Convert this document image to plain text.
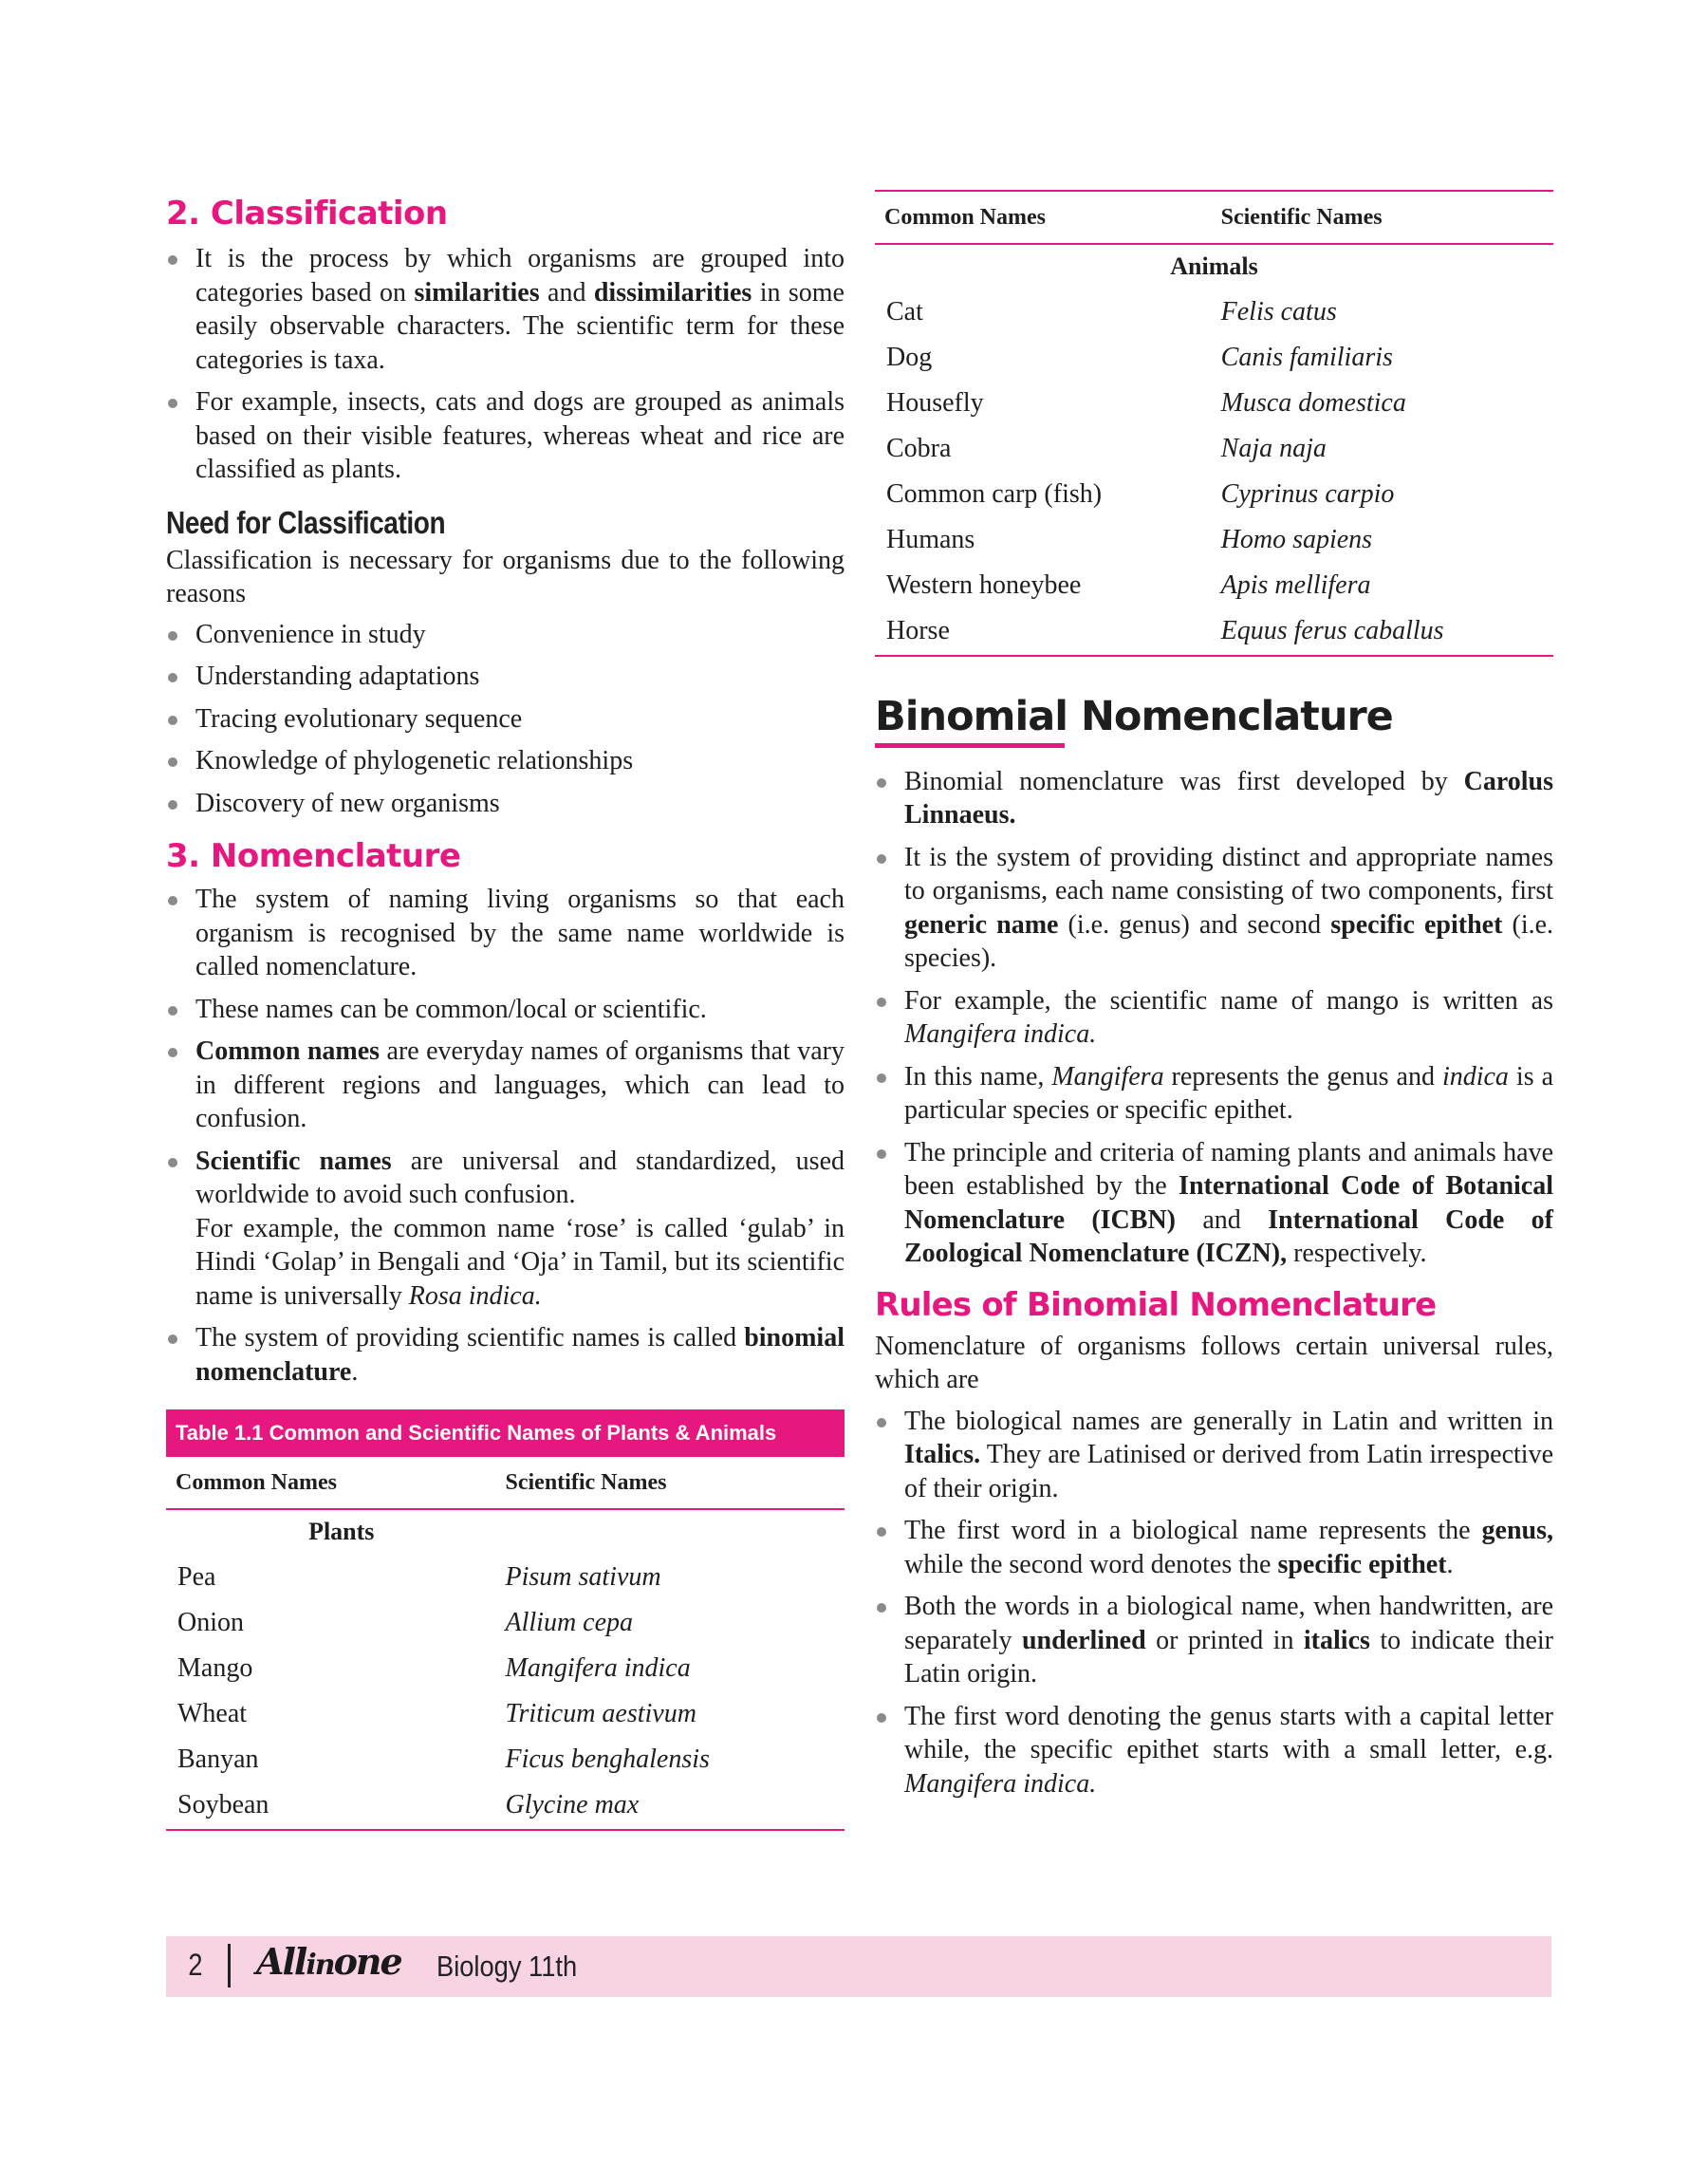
2. Classification
It is the process by which organisms are grouped into categories based on similarities and dissimilarities in some easily observable characters. The scientific term for these categories is taxa.
For example, insects, cats and dogs are grouped as animals based on their visible features, whereas wheat and rice are classified as plants.
Need for Classification

Classification is necessary for organisms due to the following reasons

Convenience in study
Understanding adaptations
Tracing evolutionary sequence
Knowledge of phylogenetic relationships
Discovery of new organisms
3. Nomenclature
The system of naming living organisms so that each organism is recognised by the same name worldwide is called nomenclature.
These names can be common/local or scientific.
Common names are everyday names of organisms that vary in different regions and languages, which can lead to confusion.
Scientific names are universal and standardized, used worldwide to avoid such confusion.
For example, the common name ‘rose’ is called ‘gulab’ in Hindi ‘Golap’ in Bengali and ‘Oja’ in Tamil, but its scientific name is universally Rosa indica.
The system of providing scientific names is called binomial nomenclature.
Table 1.1 Common and Scientific Names of Plants & Animals
Common Names	Scientific Names
Plants	
Pea	Pisum sativum
Onion	Allium cepa
Mango	Mangifera indica
Wheat	Triticum aestivum
Banyan	Ficus benghalensis
Soybean	Glycine max
Common Names	Scientific Names
Animals	
Cat	Felis catus
Dog	Canis familiaris
Housefly	Musca domestica
Cobra	Naja naja
Common carp (fish)	Cyprinus carpio
Humans	Homo sapiens
Western honeybee	Apis mellifera
Horse	Equus ferus caballus
Binomial Nomenclature
Binomial nomenclature was first developed by Carolus Linnaeus.
It is the system of providing distinct and appropriate names to organisms, each name consisting of two components, first generic name (i.e. genus) and second specific epithet (i.e. species).
For example, the scientific name of mango is written as Mangifera indica.
In this name, Mangifera represents the genus and indica is a particular species or specific epithet.
The principle and criteria of naming plants and animals have been established by the International Code of Botanical Nomenclature (ICBN) and International Code of Zoological Nomenclature (ICZN), respectively.
Rules of Binomial Nomenclature

Nomenclature of organisms follows certain universal rules, which are

The biological names are generally in Latin and written in Italics. They are Latinised or derived from Latin irrespective of their origin.
The first word in a biological name represents the genus, while the second word denotes the specific epithet.
Both the words in a biological name, when handwritten, are separately underlined or printed in italics to indicate their Latin origin.
The first word denoting the genus starts with a capital letter while, the specific epithet starts with a small letter, e.g. Mangifera indica.
2 Allinone Biology 11th
